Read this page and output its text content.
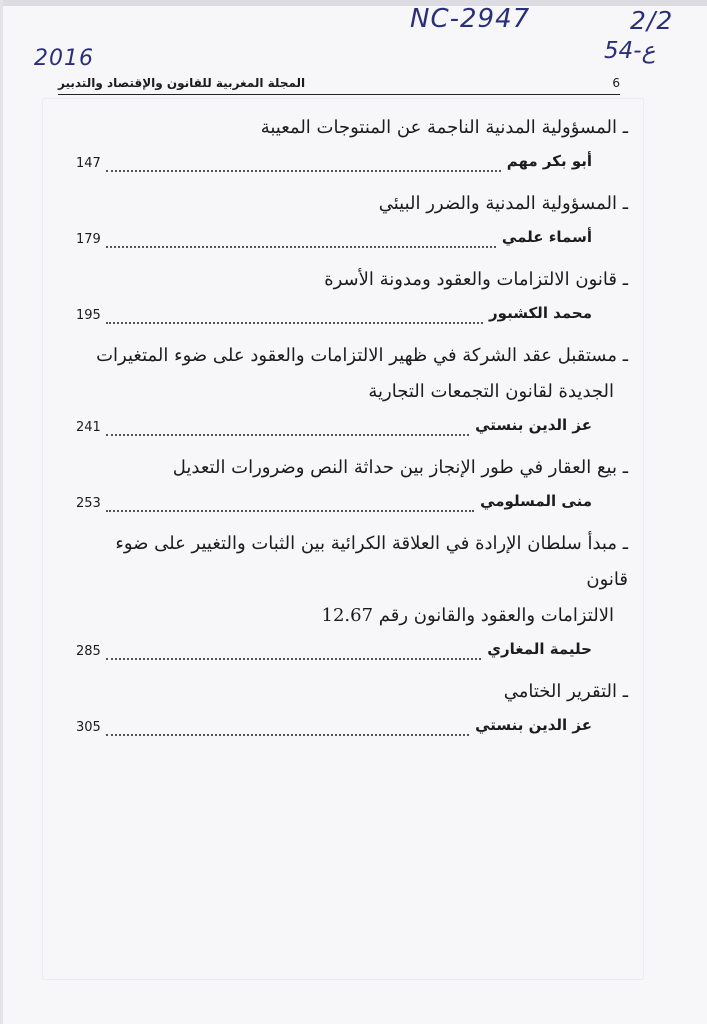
NC-2947	2/2
54-ع
2016
المجلة المغربية للقانون والإقتصاد والتدبير	6
ـ المسؤولية المدنية الناجمة عن المنتوجات المعيبة
147	أبو بكر مهم
ـ المسؤولية المدنية والضرر البيئي
179	أسماء علمي
ـ قانون الالتزامات والعقود ومدونة الأسرة
195	محمد الكشبور
ـ مستقبل عقد الشركة في ظهير الالتزامات والعقود على ضوء المتغيرات
الجديدة لقانون التجمعات التجارية
241	عز الدين بنستي
ـ بيع العقار في طور الإنجاز بين حداثة النص وضرورات التعديل
253	منى المسلومي
ـ مبدأ سلطان الإرادة في العلاقة الكرائية بين الثبات والتغيير على ضوء قانون
الالتزامات والعقود والقانون رقم 12.67
285	حليمة المغاري
ـ التقرير الختامي
305	عز الدين بنستي
